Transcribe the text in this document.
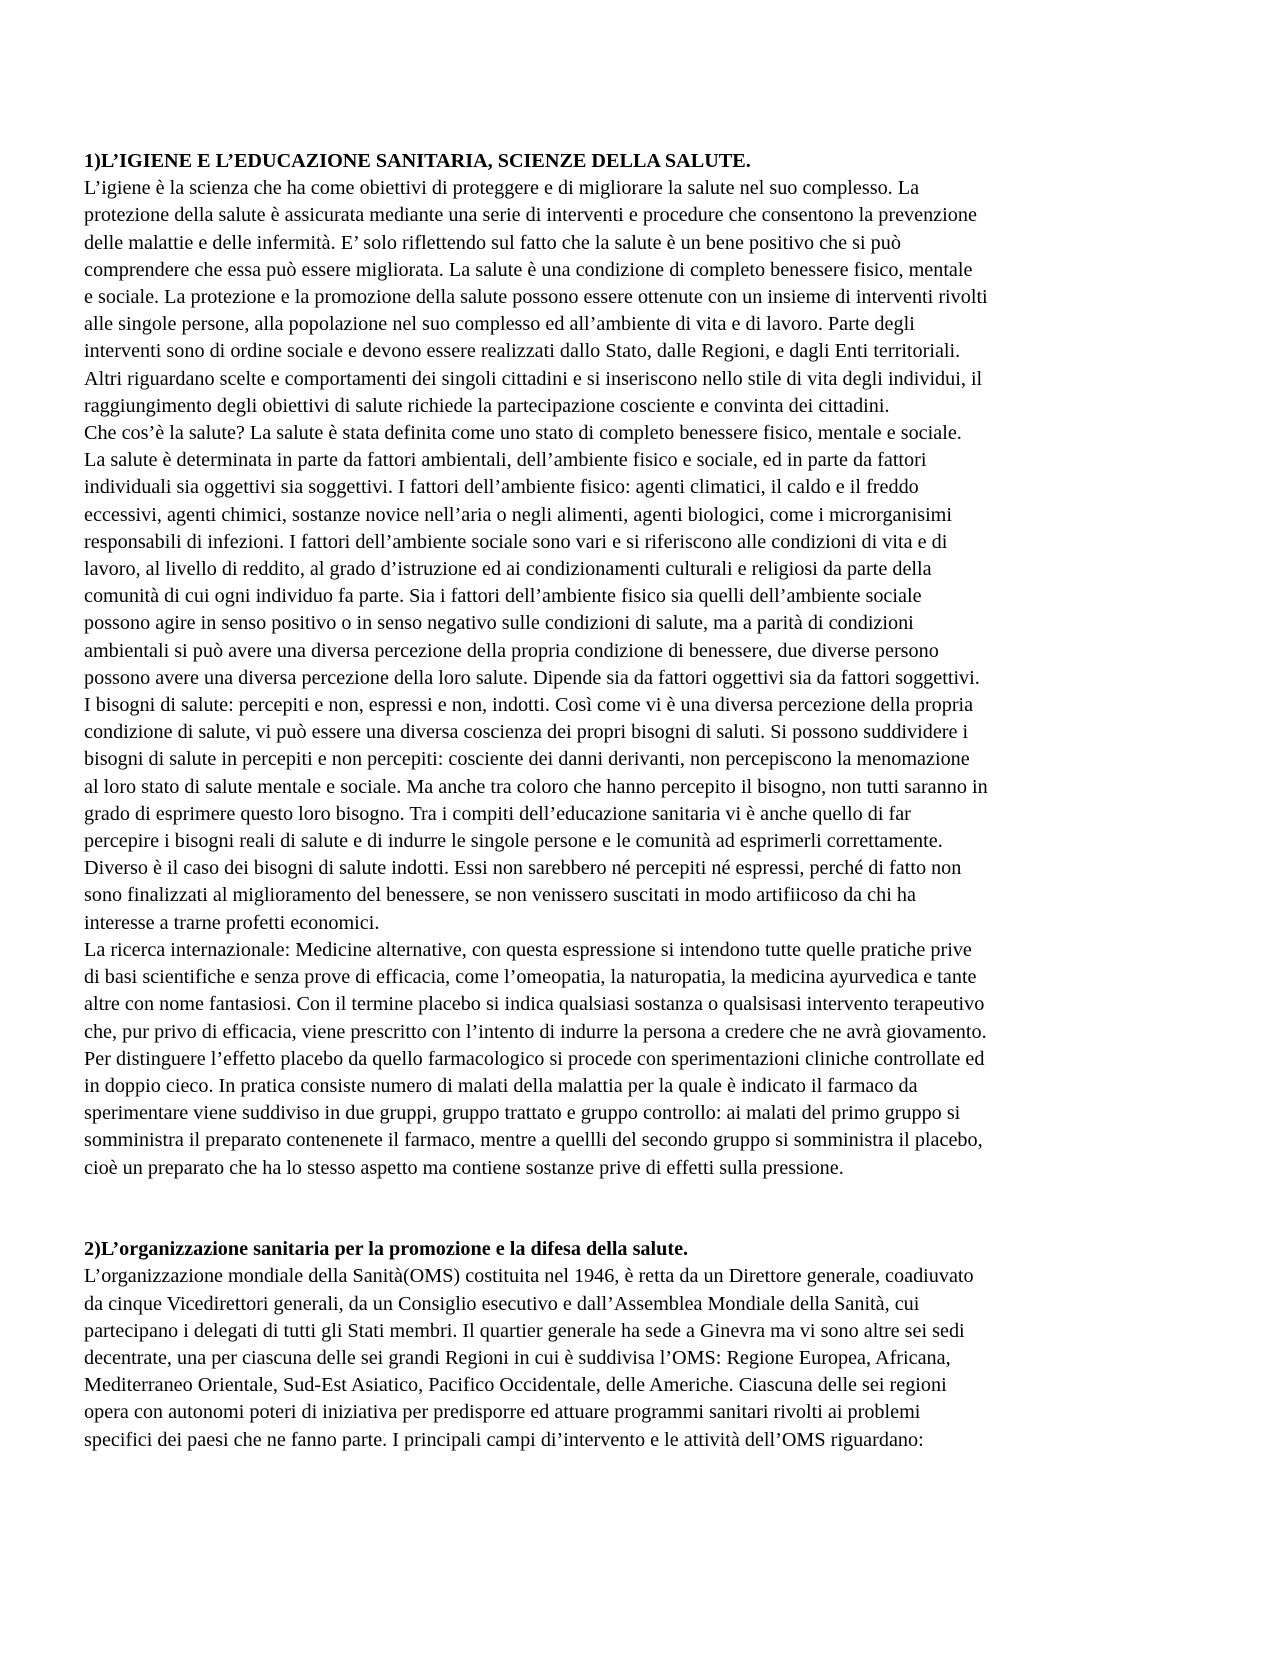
1)L’IGIENE E L’EDUCAZIONE SANITARIA, SCIENZE DELLA SALUTE.
L’igiene è la scienza che ha come obiettivi di proteggere e di migliorare la salute nel suo complesso. La
protezione della salute è assicurata mediante una serie di interventi e procedure che consentono la prevenzione
delle malattie e delle infermità. E’ solo riflettendo sul fatto che la salute è un bene positivo che si può
comprendere che essa può essere migliorata. La salute è una condizione di completo benessere fisico, mentale
e sociale. La protezione e la promozione della salute possono essere ottenute con un insieme di interventi rivolti
alle singole persone, alla popolazione nel suo complesso ed all’ambiente di vita e di lavoro. Parte degli
interventi sono di ordine sociale e devono essere realizzati dallo Stato, dalle Regioni, e dagli Enti territoriali.
Altri riguardano scelte e comportamenti dei singoli cittadini e si inseriscono nello stile di vita degli individui, il
raggiungimento degli obiettivi di salute richiede la partecipazione cosciente e convinta dei cittadini.
Che cos’è la salute? La salute è stata definita come uno stato di completo benessere fisico, mentale e sociale.
La salute è determinata in parte da fattori ambientali, dell’ambiente fisico e sociale, ed in parte da fattori
individuali sia oggettivi sia soggettivi. I fattori dell’ambiente fisico: agenti climatici, il caldo e il freddo
eccessivi, agenti chimici, sostanze novice nell’aria o negli alimenti, agenti biologici, come i microrganisimi
responsabili di infezioni. I fattori dell’ambiente sociale sono vari e si riferiscono alle condizioni di vita e di
lavoro, al livello di reddito, al grado d’istruzione ed ai condizionamenti culturali e religiosi da parte della
comunità di cui ogni individuo fa parte. Sia i fattori dell’ambiente fisico sia quelli dell’ambiente sociale
possono agire in senso positivo o in senso negativo sulle condizioni di salute, ma a parità di condizioni
ambientali si può avere una diversa percezione della propria condizione di benessere, due diverse persono
possono avere una diversa percezione della loro salute. Dipende sia da fattori oggettivi sia da fattori soggettivi.
I bisogni di salute: percepiti e non, espressi e non, indotti. Così come vi è una diversa percezione della propria
condizione di salute, vi può essere una diversa coscienza dei propri bisogni di saluti. Si possono suddividere i
bisogni di salute in percepiti e non percepiti: cosciente dei danni derivanti, non percepiscono la menomazione
al loro stato di salute mentale e sociale. Ma anche tra coloro che hanno percepito il bisogno, non tutti saranno in
grado di esprimere questo loro bisogno. Tra i compiti dell’educazione sanitaria vi è anche quello di far
percepire i bisogni reali di salute e di indurre le singole persone e le comunità ad esprimerli correttamente.
Diverso è il caso dei bisogni di salute indotti. Essi non sarebbero né percepiti né espressi, perché di fatto non
sono finalizzati al miglioramento del benessere, se non venissero suscitati in modo artifiicoso da chi ha
interesse a trarne profetti economici.
La ricerca internazionale: Medicine alternative, con questa espressione si intendono tutte quelle pratiche prive
di basi scientifiche e senza prove di efficacia, come l’omeopatia, la naturopatia, la medicina ayurvedica e tante
altre con nome fantasiosi. Con il termine placebo si indica qualsiasi sostanza o qualsisasi intervento terapeutivo
che, pur privo di efficacia, viene prescritto con l’intento di indurre la persona a credere che ne avrà giovamento.
Per distinguere l’effetto placebo da quello farmacologico si procede con sperimentazioni cliniche controllate ed
in doppio cieco. In pratica consiste numero di malati della malattia per la quale è indicato il farmaco da
sperimentare viene suddiviso in due gruppi, gruppo trattato e gruppo controllo: ai malati del primo gruppo si
somministra il preparato contenenete il farmaco, mentre a quellli del secondo gruppo si somministra il placebo,
cioè un preparato che ha lo stesso aspetto ma contiene sostanze prive di effetti sulla pressione.
2)L’organizzazione sanitaria per la promozione e la difesa della salute.
L’organizzazione mondiale della Sanità(OMS) costituita nel 1946, è retta da un Direttore generale, coadiuvato
da cinque Vicedirettori generali, da un Consiglio esecutivo e dall’Assemblea Mondiale della Sanità, cui
partecipano i delegati di tutti gli Stati membri. Il quartier generale ha sede a Ginevra ma vi sono altre sei sedi
decentrate, una per ciascuna delle sei grandi Regioni in cui è suddivisa l’OMS: Regione Europea, Africana,
Mediterraneo Orientale, Sud-Est Asiatico, Pacifico Occidentale, delle Americhe. Ciascuna delle sei regioni
opera con autonomi poteri di iniziativa per predisporre ed attuare programmi sanitari rivolti ai problemi
specifici dei paesi che ne fanno parte. I principali campi di’intervento e le attività dell’OMS riguardano:
